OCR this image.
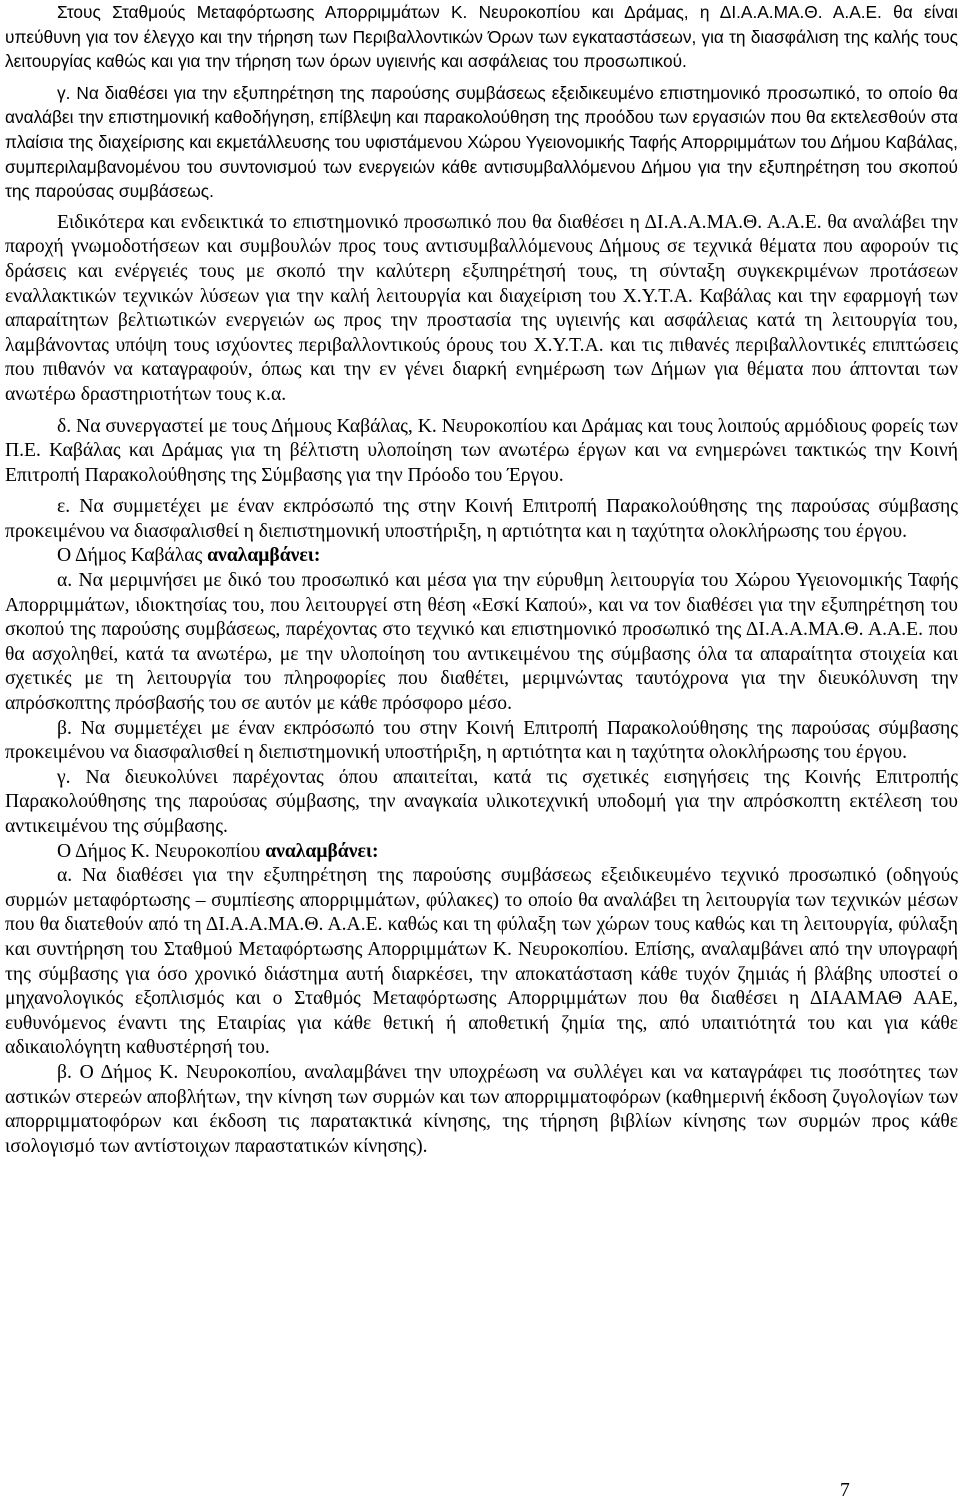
Στους Σταθμούς Μεταφόρτωσης Απορριμμάτων Κ. Νευροκοπίου και Δράμας, η ΔΙ.Α.Α.ΜΑ.Θ. Α.Α.Ε. θα είναι υπεύθυνη για τον έλεγχο και την τήρηση των Περιβαλλοντικών Όρων των εγκαταστάσεων, για τη διασφάλιση της καλής τους λειτουργίας καθώς και για την τήρηση των όρων υγιεινής και ασφάλειας του προσωπικού.

γ. Να διαθέσει για την εξυπηρέτηση της παρούσης συμβάσεως εξειδικευμένο επιστημονικό προσωπικό, το οποίο θα αναλάβει την επιστημονική καθοδήγηση, επίβλεψη και παρακολούθηση της προόδου των εργασιών που θα εκτελεσθούν στα πλαίσια της διαχείρισης και εκμετάλλευσης του υφιστάμενου Χώρου Υγειονομικής Ταφής Απορριμμάτων του Δήμου Καβάλας, συμπεριλαμβανομένου του συντονισμού των ενεργειών κάθε αντισυμβαλλόμενου Δήμου για την εξυπηρέτηση του σκοπού της παρούσας συμβάσεως.

Ειδικότερα και ενδεικτικά το επιστημονικό προσωπικό που θα διαθέσει η ΔΙ.Α.Α.ΜΑ.Θ. Α.Α.Ε. θα αναλάβει την παροχή γνωμοδοτήσεων και συμβουλών προς τους αντισυμβαλλόμενους Δήμους σε τεχνικά θέματα που αφορούν τις δράσεις και ενέργειές τους με σκοπό την καλύτερη εξυπηρέτησή τους, τη σύνταξη συγκεκριμένων προτάσεων εναλλακτικών τεχνικών λύσεων για την καλή λειτουργία και διαχείριση του Χ.Υ.Τ.Α. Καβάλας και την εφαρμογή των απαραίτητων βελτιωτικών ενεργειών ως προς την προστασία της υγιεινής και ασφάλειας κατά τη λειτουργία του, λαμβάνοντας υπόψη τους ισχύοντες περιβαλλοντικούς όρους του Χ.Υ.Τ.Α. και τις πιθανές περιβαλλοντικές επιπτώσεις που πιθανόν να καταγραφούν, όπως και την εν γένει διαρκή ενημέρωση των Δήμων για θέματα που άπτονται των ανωτέρω δραστηριοτήτων τους κ.α.

δ. Να συνεργαστεί με τους Δήμους Καβάλας, Κ. Νευροκοπίου και Δράμας και τους λοιπούς αρμόδιους φορείς των Π.Ε. Καβάλας και Δράμας για τη βέλτιστη υλοποίηση των ανωτέρω έργων και να ενημερώνει τακτικώς την Κοινή Επιτροπή Παρακολούθησης της Σύμβασης για την Πρόοδο του Έργου.

ε. Να συμμετέχει με έναν εκπρόσωπό της στην Κοινή Επιτροπή Παρακολούθησης της παρούσας σύμβασης προκειμένου να διασφαλισθεί η διεπιστημονική υποστήριξη, η αρτιότητα και η ταχύτητα ολοκλήρωσης του έργου.

Ο Δήμος Καβάλας αναλαμβάνει:

α. Να μεριμνήσει με δικό του προσωπικό και μέσα για την εύρυθμη λειτουργία του Χώρου Υγειονομικής Ταφής Απορριμμάτων, ιδιοκτησίας του, που λειτουργεί στη θέση «Εσκί Καπού», και να τον διαθέσει για την εξυπηρέτηση του σκοπού της παρούσης συμβάσεως, παρέχοντας στο τεχνικό και επιστημονικό προσωπικό της ΔΙ.Α.Α.ΜΑ.Θ. Α.Α.Ε. που θα ασχοληθεί, κατά τα ανωτέρω, με την υλοποίηση του αντικειμένου της σύμβασης όλα τα απαραίτητα στοιχεία και σχετικές με τη λειτουργία του πληροφορίες που διαθέτει, μεριμνώντας ταυτόχρονα για την διευκόλυνση την απρόσκοπτης πρόσβασής του σε αυτόν με κάθε πρόσφορο μέσο.

β. Να συμμετέχει με έναν εκπρόσωπό του στην Κοινή Επιτροπή Παρακολούθησης της παρούσας σύμβασης προκειμένου να διασφαλισθεί η διεπιστημονική υποστήριξη, η αρτιότητα και η ταχύτητα ολοκλήρωσης του έργου.

γ. Να διευκολύνει παρέχοντας όπου απαιτείται, κατά τις σχετικές εισηγήσεις της Κοινής Επιτροπής Παρακολούθησης της παρούσας σύμβασης, την αναγκαία υλικοτεχνική υποδομή για την απρόσκοπτη εκτέλεση του αντικειμένου της σύμβασης.

Ο Δήμος Κ. Νευροκοπίου αναλαμβάνει:

α. Να διαθέσει για την εξυπηρέτηση της παρούσης συμβάσεως εξειδικευμένο τεχνικό προσωπικό (οδηγούς συρμών μεταφόρτωσης – συμπίεσης απορριμμάτων, φύλακες) το οποίο θα αναλάβει τη λειτουργία των τεχνικών μέσων που θα διατεθούν από τη ΔΙ.Α.Α.ΜΑ.Θ. Α.Α.Ε. καθώς και τη φύλαξη των χώρων τους καθώς και τη λειτουργία, φύλαξη και συντήρηση του Σταθμού Μεταφόρτωσης Απορριμμάτων Κ. Νευροκοπίου. Επίσης, αναλαμβάνει από την υπογραφή της σύμβασης για όσο χρονικό διάστημα αυτή διαρκέσει, την αποκατάσταση κάθε τυχόν ζημιάς ή βλάβης υποστεί ο μηχανολογικός εξοπλισμός και ο Σταθμός Μεταφόρτωσης Απορριμμάτων που θα διαθέσει η ΔΙΑΑΜΑΘ ΑΑΕ, ευθυνόμενος έναντι της Εταιρίας για κάθε θετική ή αποθετική ζημία της, από υπαιτιότητά του και για κάθε αδικαιολόγητη καθυστέρησή του.

β. Ο Δήμος Κ. Νευροκοπίου, αναλαμβάνει την υποχρέωση να συλλέγει και να καταγράφει τις ποσότητες των αστικών στερεών αποβλήτων, την κίνηση των συρμών και των απορριμματοφόρων (καθημερινή έκδοση ζυγολογίων των απορριμματοφόρων και έκδοση τις παρατακτικά κίνησης, της τήρηση βιβλίων κίνησης των συρμών προς κάθε ισολογισμό των αντίστοιχων παραστατικών κίνησης).

7
